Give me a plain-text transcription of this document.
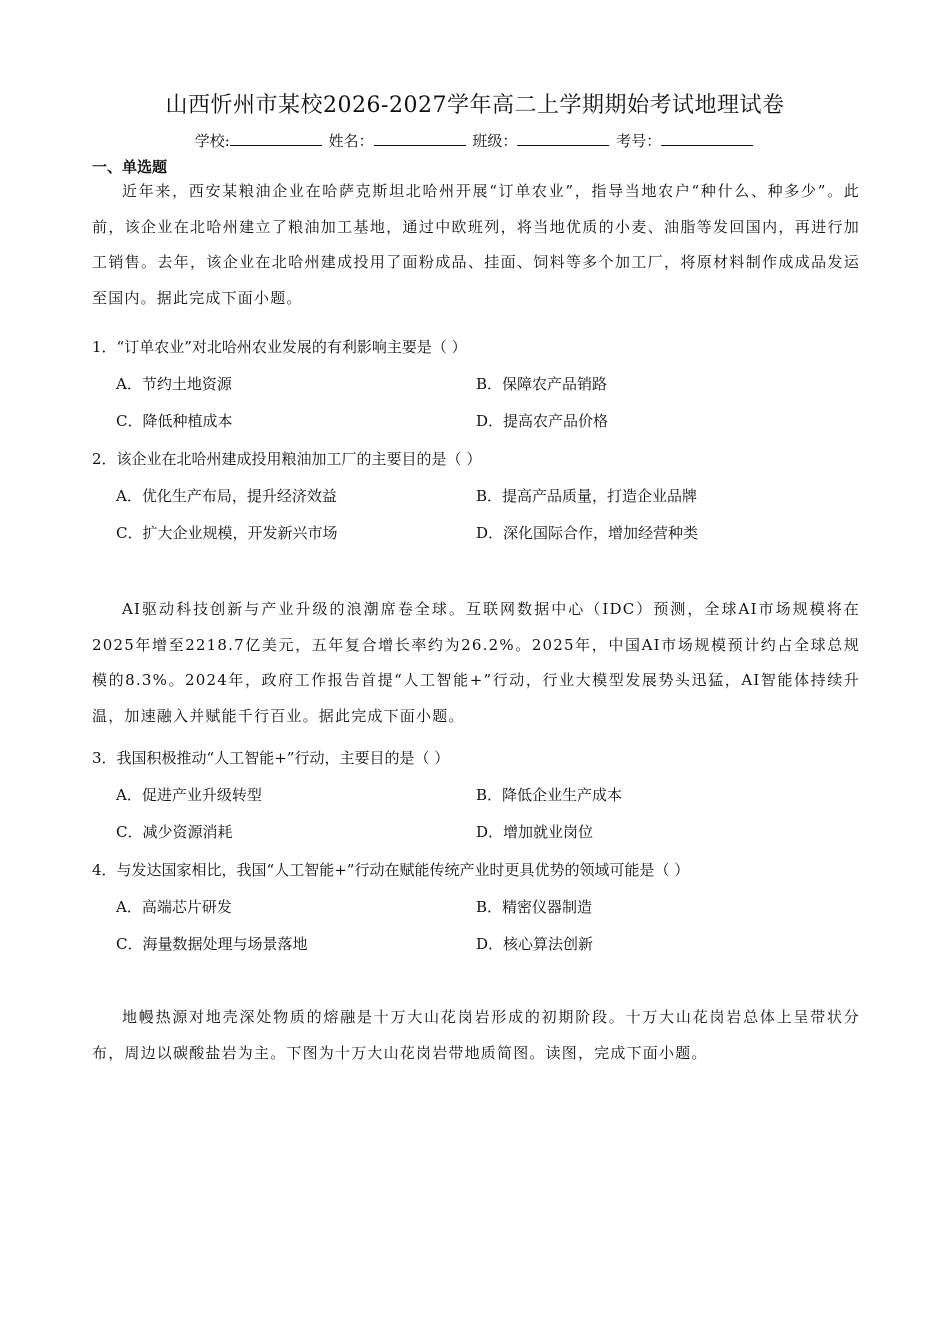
山西忻州市某校2026-2027学年高二上学期期始考试地理试卷
学校:	姓名：	班级：	考号：
一、单选题
近年来，西安某粮油企业在哈萨克斯坦北哈州开展“订单农业”，指导当地农户“种什么、种多少”。此前，该企业在北哈州建立了粮油加工基地，通过中欧班列，将当地优质的小麦、油脂等发回国内，再进行加工销售。去年，该企业在北哈州建成投用了面粉成品、挂面、饲料等多个加工厂，将原材料制作成成品发运至国内。据此完成下面小题。
1．“订单农业”对北哈州农业发展的有利影响主要是（ ）
A．节约土地资源	B．保障农产品销路
C．降低种植成本	D．提高农产品价格
2．该企业在北哈州建成投用粮油加工厂的主要目的是（ ）
A．优化生产布局，提升经济效益	B．提高产品质量，打造企业品牌
C．扩大企业规模，开发新兴市场	D．深化国际合作，增加经营种类
AI驱动科技创新与产业升级的浪潮席卷全球。互联网数据中心（IDC）预测，全球AI市场规模将在2025年增至2218.7亿美元，五年复合增长率约为26.2%。2025年，中国AI市场规模预计约占全球总规模的8.3%。2024年，政府工作报告首提“人工智能+”行动，行业大模型发展势头迅猛，AI智能体持续升温，加速融入并赋能千行百业。据此完成下面小题。
3．我国积极推动“人工智能+”行动，主要目的是（ ）
A．促进产业升级转型	B．降低企业生产成本
C．减少资源消耗	D．增加就业岗位
4．与发达国家相比，我国“人工智能+”行动在赋能传统产业时更具优势的领域可能是（ ）
A．高端芯片研发	B．精密仪器制造
C．海量数据处理与场景落地	D．核心算法创新
地幔热源对地壳深处物质的熔融是十万大山花岗岩形成的初期阶段。十万大山花岗岩总体上呈带状分布，周边以碳酸盐岩为主。下图为十万大山花岗岩带地质简图。读图，完成下面小题。
